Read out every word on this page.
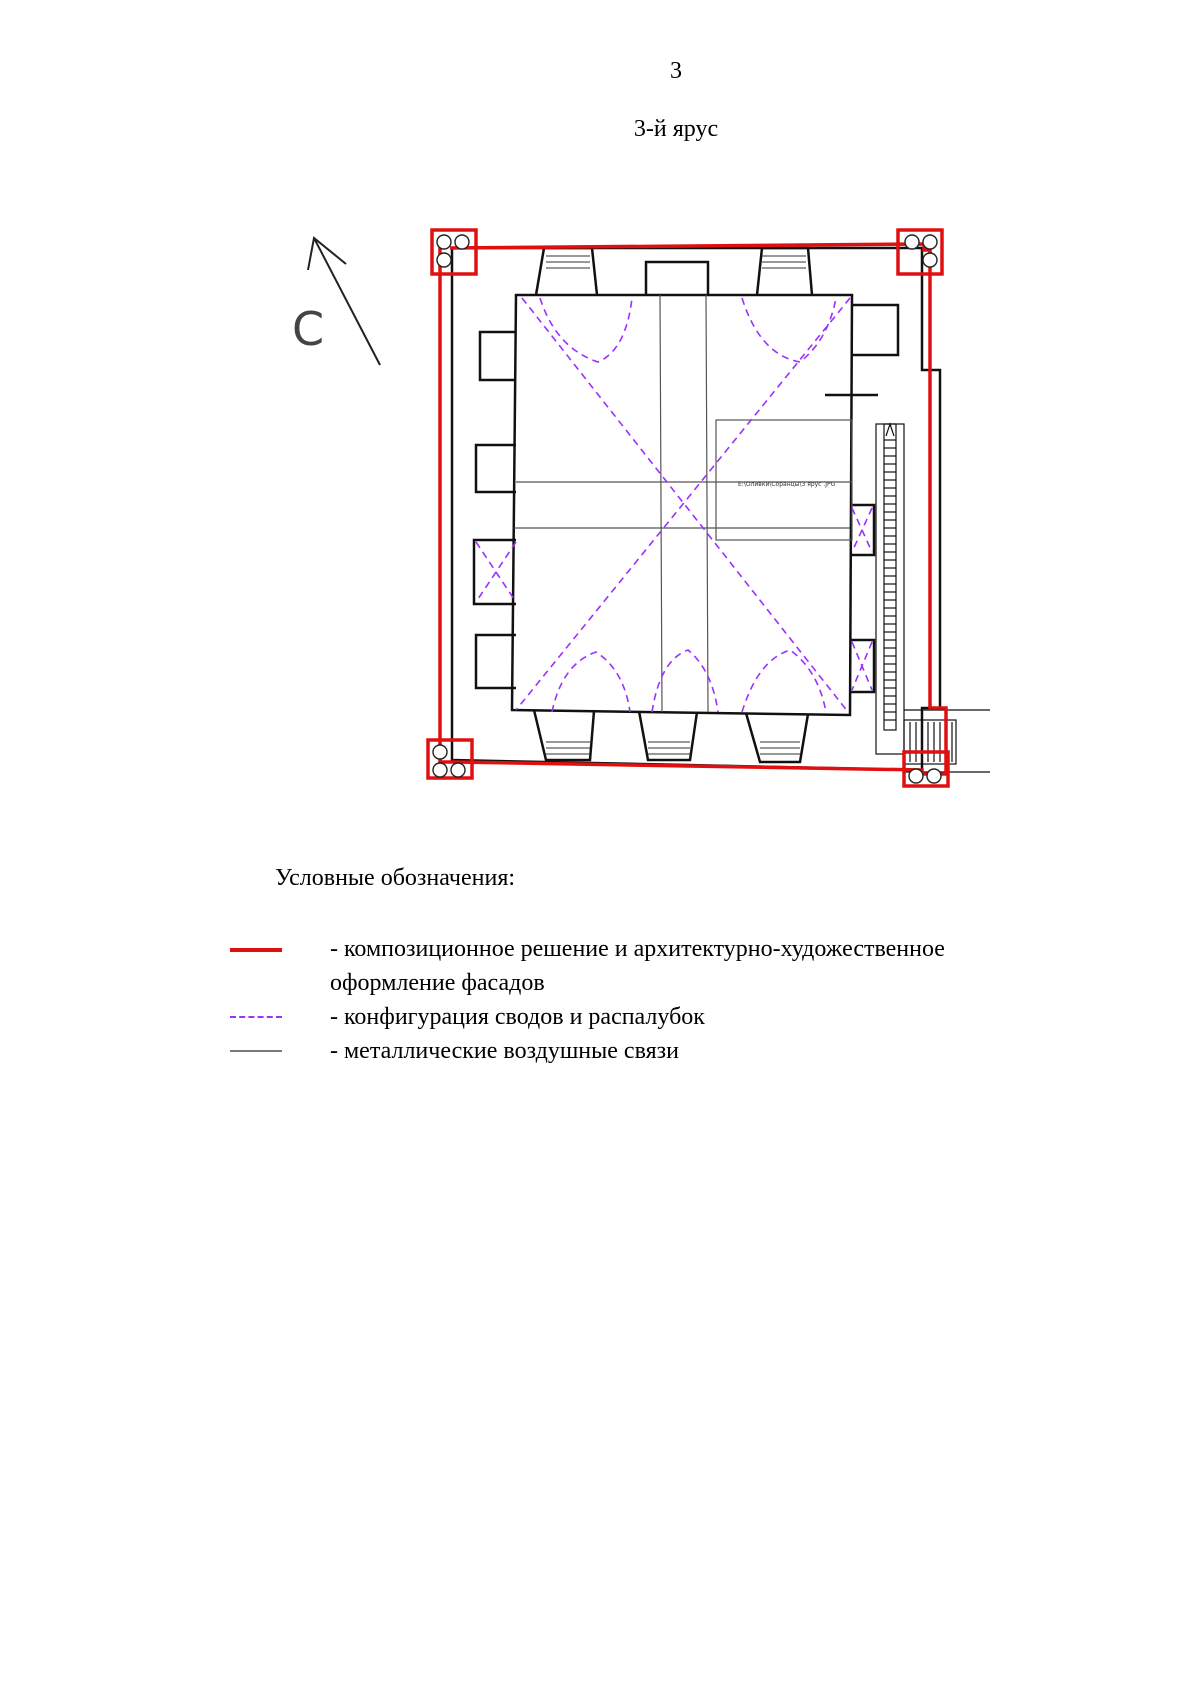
3
3-й ярус
С
E:\Оливки\Соранцы\3 ярус .JPG
Условные обозначения:
- композиционное решение и архитектурно-художественное
оформление фасадов
- конфигурация сводов и распалубок
- металлические воздушные связи
